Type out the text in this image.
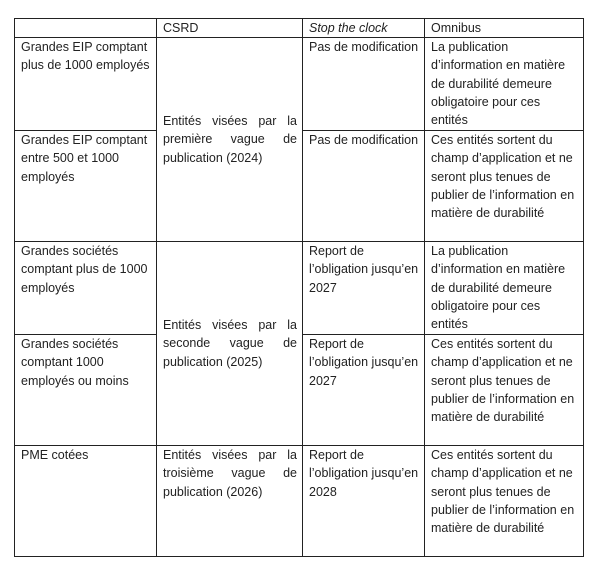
	CSRD	Stop the clock	Omnibus
Grandes EIP comptant plus de 1000 employés	Entités visées par la première vague de publication (2024)	Pas de modification	La publication d’information en matière de durabilité demeure obligatoire pour ces entités
Grandes EIP comptant entre 500 et 1000 employés		Pas de modification	Ces entités sortent du champ d’application et ne seront plus tenues de publier de l’information en matière de durabilité
Grandes sociétés comptant plus de 1000 employés	Entités visées par la seconde vague de publication (2025)	Report de l’obligation jusqu’en 2027	La publication d’information en matière de durabilité demeure obligatoire pour ces entités
Grandes sociétés comptant 1000 employés ou moins		Report de l’obligation jusqu’en 2027	Ces entités sortent du champ d’application et ne seront plus tenues de publier de l’information en matière de durabilité
PME cotées	Entités visées par la troisième vague de publication (2026)	Report de l’obligation jusqu’en 2028	Ces entités sortent du champ d’application et ne seront plus tenues de publier de l’information en matière de durabilité
